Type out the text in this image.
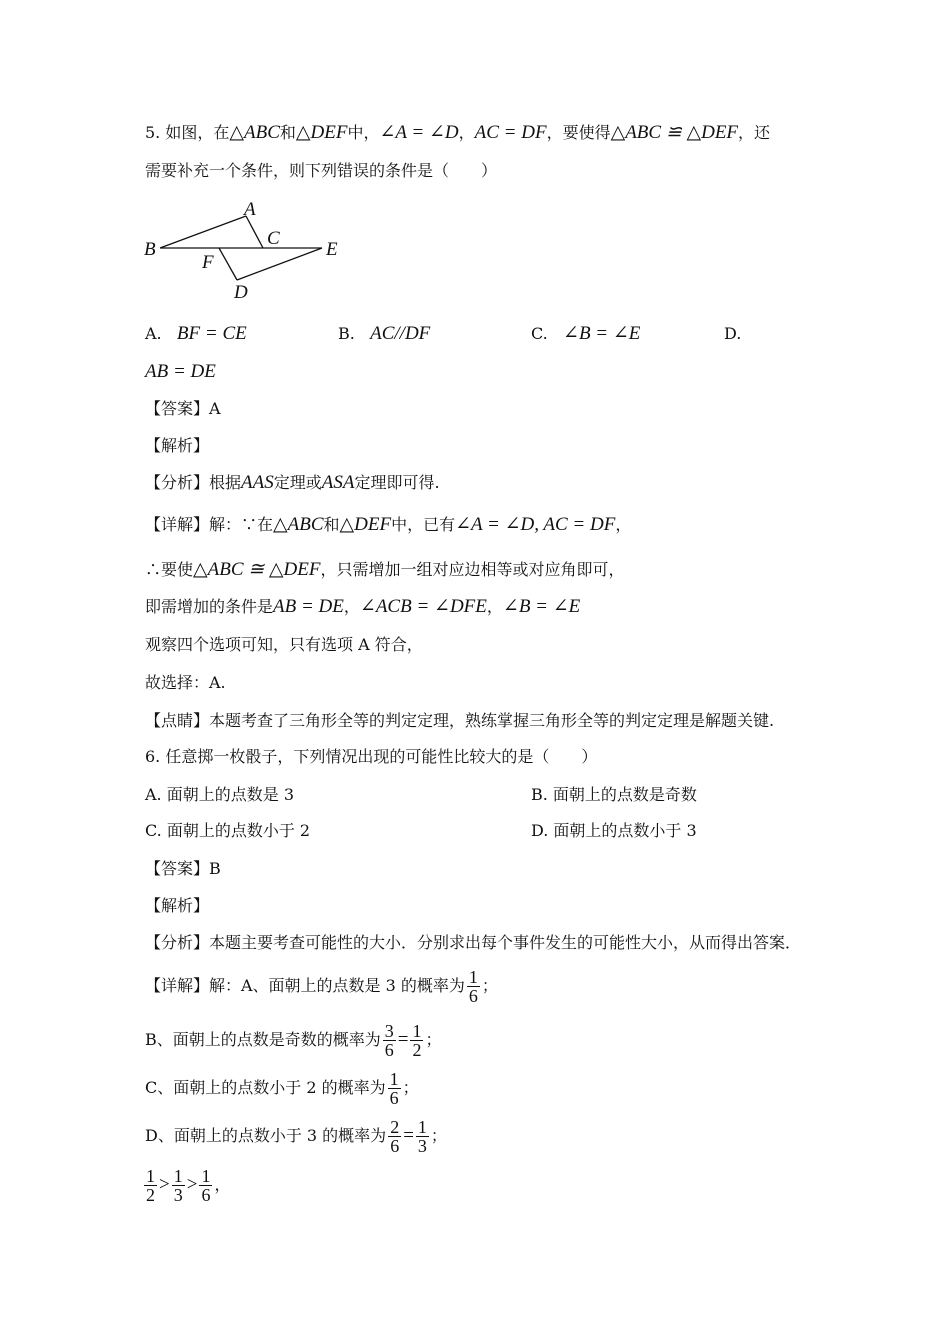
5. 如图，在△ABC和△DEF中，∠A = ∠D，AC = DF，要使得△ABC ≌ △DEF，还
需要补充一个条件，则下列错误的条件是（　　）
A
B
C
D
E
F
A. BF = CE	B. AC//DF	C. ∠B = ∠E	D.
AB = DE
【答案】A
【解析】
【分析】根据AAS定理或ASA定理即可得.
【详解】解：∵在△ABC和△DEF中，已有∠A = ∠D, AC = DF，
∴要使△ABC ≅ △DEF，只需增加一组对应边相等或对应角即可，
即需增加的条件是AB = DE，∠ACB = ∠DFE，∠B = ∠E
观察四个选项可知，只有选项 A 符合，
故选择：A.
【点睛】本题考查了三角形全等的判定定理，熟练掌握三角形全等的判定定理是解题关键.
6. 任意掷一枚骰子，下列情况出现的可能性比较大的是（　　）
A. 面朝上的点数是 3	B. 面朝上的点数是奇数
C. 面朝上的点数小于 2	D. 面朝上的点数小于 3
【答案】B
【解析】
【分析】本题主要考查可能性的大小．分别求出每个事件发生的可能性大小，从而得出答案．
【详解】解：A、面朝上的点数是 3 的概率为 $\frac{1}{6}$ ；
B、面朝上的点数是奇数的概率为 $\frac{3}{6} = \frac{1}{2}$ ；
C、面朝上的点数小于 2 的概率为 $\frac{1}{6}$ ；
D、面朝上的点数小于 3 的概率为 $\frac{2}{6} = \frac{1}{3}$ ；
$\frac{1}{2} > \frac{1}{3} > \frac{1}{6}$ ，
